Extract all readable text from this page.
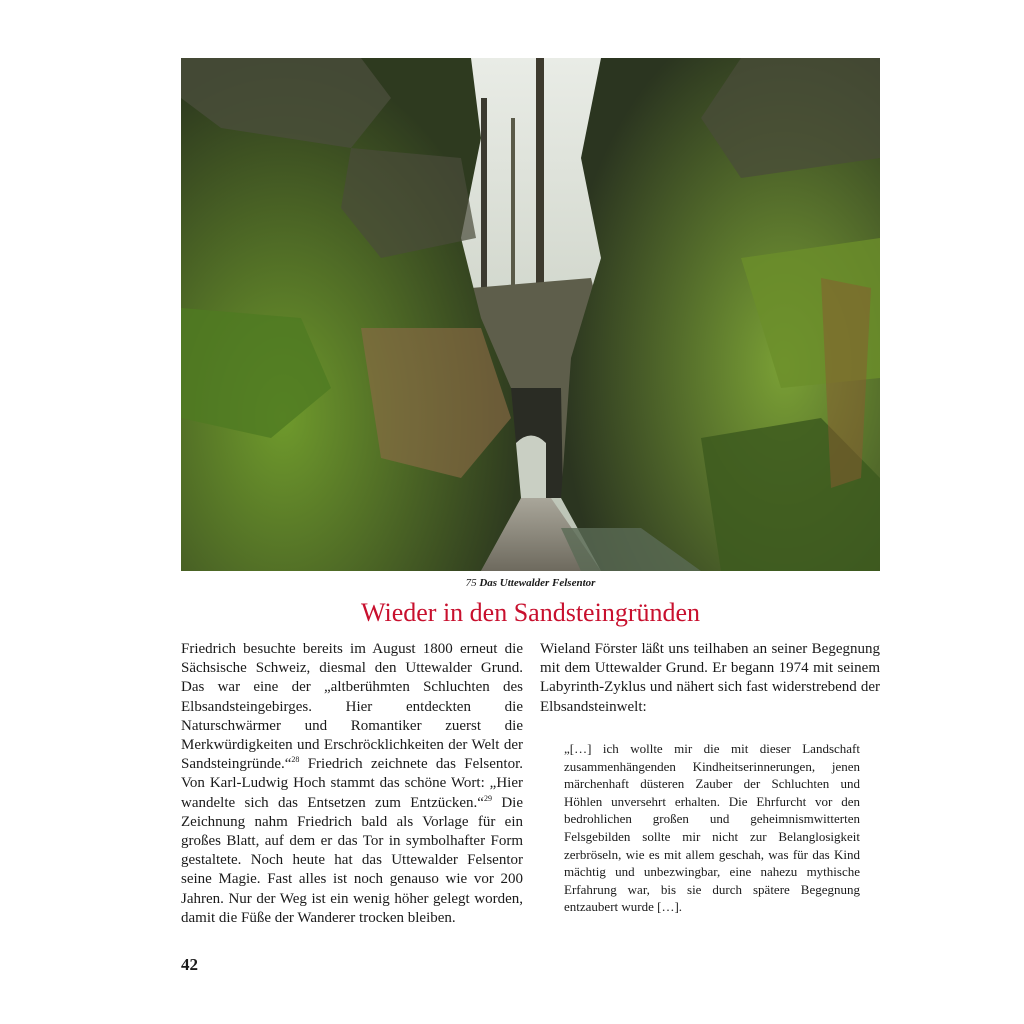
75 Das Uttewalder Felsentor
Wieder in den Sandsteingründen

Friedrich besuchte bereits im August 1800 erneut die Sächsische Schweiz, diesmal den Uttewalder Grund. Das war eine der „altberühmten Schluchten des Elbsandsteingebirges. Hier entdeckten die Naturschwärmer und Romantiker zuerst die Merkwürdigkeiten und Erschröcklichkeiten der Welt der Sandsteingründe.“$^{28}$ Friedrich zeichnete das Felsentor. Von Karl-Ludwig Hoch stammt das schöne Wort: „Hier wandelte sich das Entsetzen zum Entzücken.“$^{29}$ Die Zeichnung nahm Friedrich bald als Vorlage für ein großes Blatt, auf dem er das Tor in symbolhafter Form gestaltete. Noch heute hat das Uttewalder Felsentor seine Magie. Fast alles ist noch genauso wie vor 200 Jahren. Nur der Weg ist ein wenig höher gelegt worden, damit die Füße der Wanderer trocken bleiben.

Wieland Förster läßt uns teilhaben an seiner Begegnung mit dem Uttewalder Grund. Er begann 1974 mit seinem Labyrinth-Zyklus und nähert sich fast widerstrebend der Elbsandsteinwelt:

„[…] ich wollte mir die mit dieser Landschaft zusammenhängenden Kindheitserinnerungen, jenen märchenhaft düsteren Zauber der Schluchten und Höhlen unversehrt erhalten. Die Ehrfurcht vor den bedrohlichen großen und geheimnismwitterten Felsgebilden sollte mir nicht zur Belanglosigkeit zerbröseln, wie es mit allem geschah, was für das Kind mächtig und unbezwingbar, eine nahezu mythische Erfahrung war, bis sie durch spätere Begegnung entzaubert wurde […].
42
